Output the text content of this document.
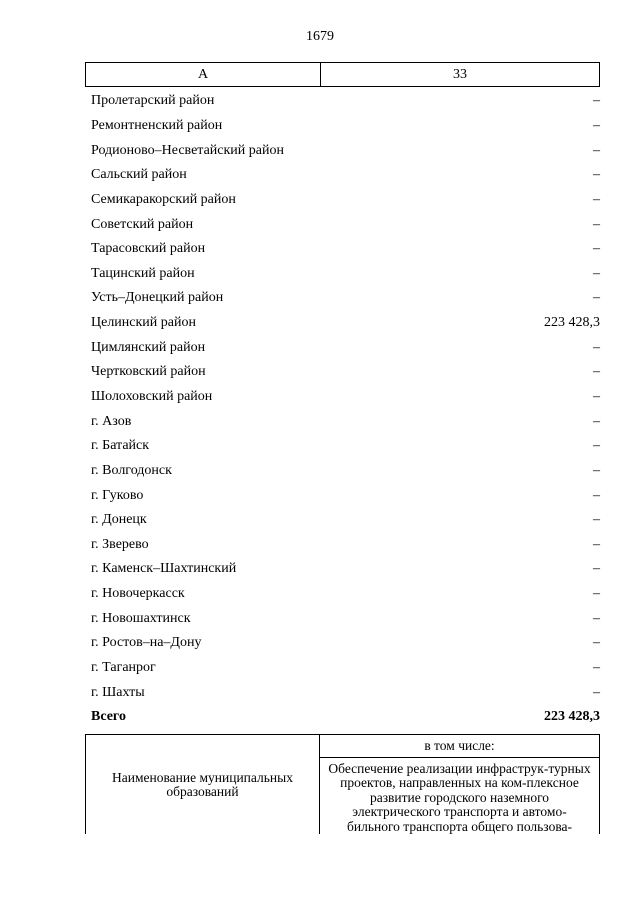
1679
А	33
Пролетарский район	–
Ремонтненский район	–
Родионово–Несветайский район	–
Сальский район	–
Семикаракорский район	–
Советский район	–
Тарасовский район	–
Тацинский район	–
Усть–Донецкий район	–
Целинский район	223 428,3
Цимлянский район	–
Чертковский район	–
Шолоховский район	–
г. Азов	–
г. Батайск	–
г. Волгодонск	–
г. Гуково	–
г. Донецк	–
г. Зверево	–
г. Каменск–Шахтинский	–
г. Новочеркасск	–
г. Новошахтинск	–
г. Ростов–на–Дону	–
г. Таганрог	–
г. Шахты	–
Всего	223 428,3
Наименование муниципальных образований
в том числе:
Обеспечение реализации инфраструк-турных проектов, направленных на ком-плексное развитие городского наземного электрического транспорта и автомо-бильного транспорта общего пользова-
